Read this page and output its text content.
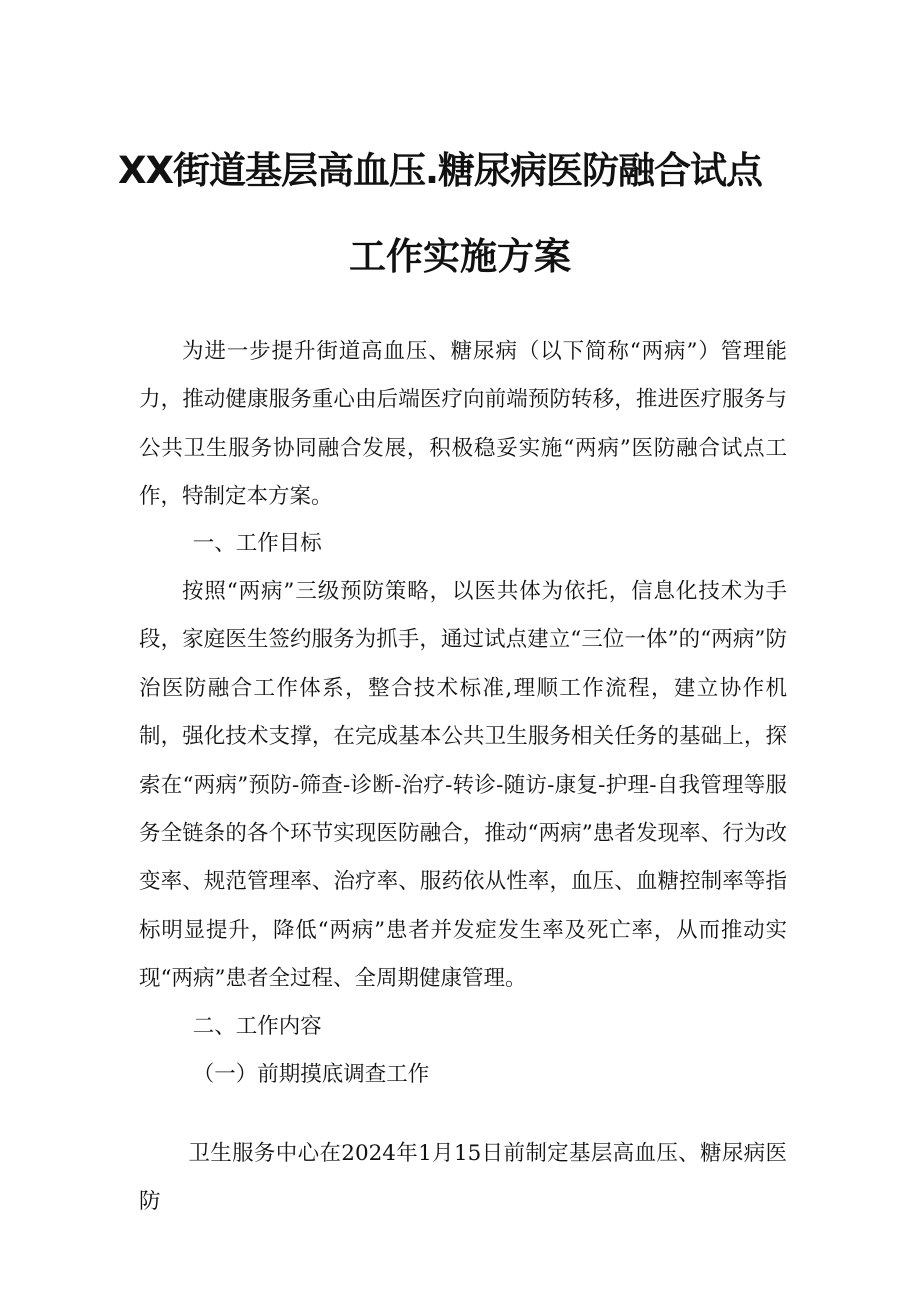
XX街道基层高血压.糖尿病医防融合试点
工作实施方案

为进一步提升街道高血压、糖尿病（以下简称“两病”）管理能力，推动健康服务重心由后端医疗向前端预防转移，推进医疗服务与公共卫生服务协同融合发展，积极稳妥实施“两病”医防融合试点工作，特制定本方案。

一、工作目标

按照“两病”三级预防策略，以医共体为依托，信息化技术为手段，家庭医生签约服务为抓手，通过试点建立“三位一体”的“两病”防治医防融合工作体系，整合技术标准,理顺工作流程，建立协作机制，强化技术支撑，在完成基本公共卫生服务相关任务的基础上，探索在“两病”预防-筛查-诊断-治疗-转诊-随访-康复-护理-自我管理等服务全链条的各个环节实现医防融合，推动“两病”患者发现率、行为改变率、规范管理率、治疗率、服药依从性率，血压、血糖控制率等指标明显提升，降低“两病”患者并发症发生率及死亡率，从而推动实现“两病”患者全过程、全周期健康管理。

二、工作内容

（一）前期摸底调查工作

卫生服务中心在2024年1月15日前制定基层高血压、糖尿病医防
